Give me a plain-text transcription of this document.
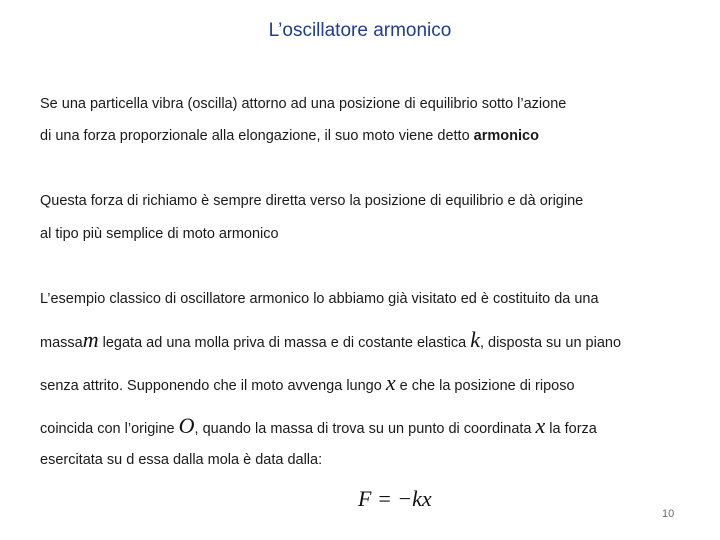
L’oscillatore armonico
Se una particella vibra (oscilla) attorno ad una posizione di equilibrio sotto l’azione
di una forza proporzionale alla elongazione, il suo moto viene detto armonico
Questa forza di richiamo è sempre diretta verso la posizione di equilibrio e dà origine
al tipo più semplice di moto armonico
L’esempio classico di oscillatore armonico lo abbiamo già visitato ed è costituito da una
massam legata ad una molla priva di massa e di costante elastica k, disposta su un piano
senza attrito. Supponendo che il moto avvenga lungo x e che la posizione di riposo
coincida con l’origine O, quando la massa di trova su un punto di coordinata x la forza
esercitata su d essa dalla mola è data dalla:
F = −kx
10
